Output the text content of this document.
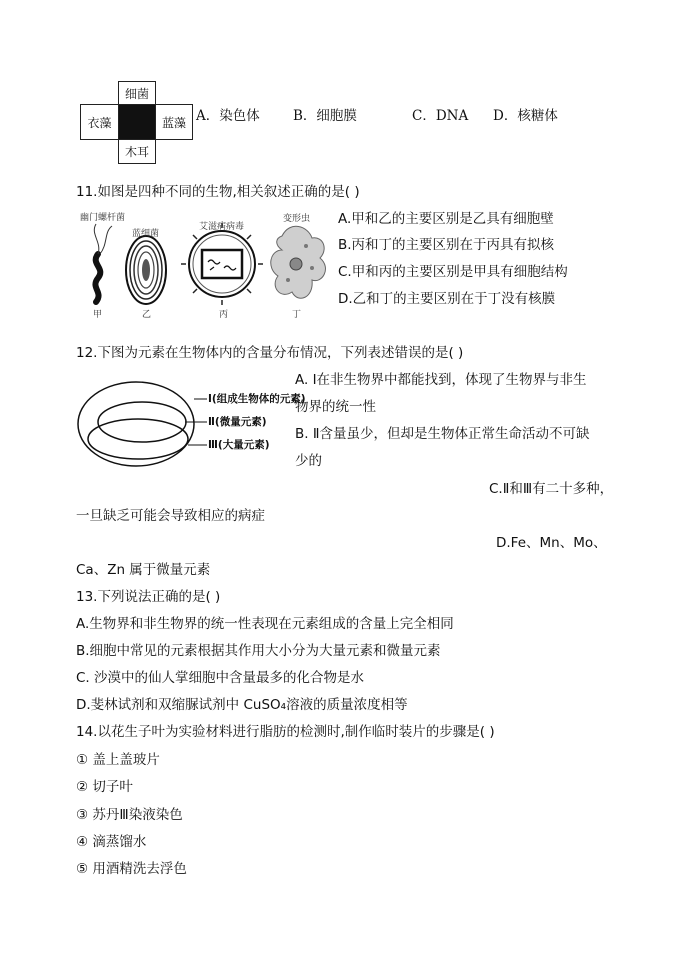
细菌
衣藻	蓝藻
木耳
A．染色体 B．细胞膜	C．DNA D．核糖体
11.如图是四种不同的生物,相关叙述正确的是( )
幽门螺杆菌
蓝细菌
艾滋病病毒
变形虫
甲	乙	丙	丁
A.甲和乙的主要区别是乙具有细胞壁
B.丙和丁的主要区别在于丙具有拟核
C.甲和丙的主要区别是甲具有细胞结构
D.乙和丁的主要区别在于丁没有核膜
12.下图为元素在生物体内的含量分布情况，下列表述错误的是( )
Ⅰ(组成生物体的元素)
Ⅱ(微量元素)
Ⅲ(大量元素)
A. Ⅰ在非生物界中都能找到，体现了生物界与非生
物界的统一性
B. Ⅱ含量虽少，但却是生物体正常生命活动不可缺
少的
C.Ⅱ和Ⅲ有二十多种，
一旦缺乏可能会导致相应的病症
D.Fe、Mn、Mo、
Ca、Zn 属于微量元素
13.下列说法正确的是( )
A.生物界和非生物界的统一性表现在元素组成的含量上完全相同
B.细胞中常见的元素根据其作用大小分为大量元素和微量元素
C. 沙漠中的仙人掌细胞中含量最多的化合物是水
D.斐林试剂和双缩脲试剂中 CuSO₄溶液的质量浓度相等
14.以花生子叶为实验材料进行脂肪的检测时,制作临时装片的步骤是( )
① 盖上盖玻片
② 切子叶
③ 苏丹Ⅲ染液染色
④ 滴蒸馏水
⑤ 用酒精洗去浮色
